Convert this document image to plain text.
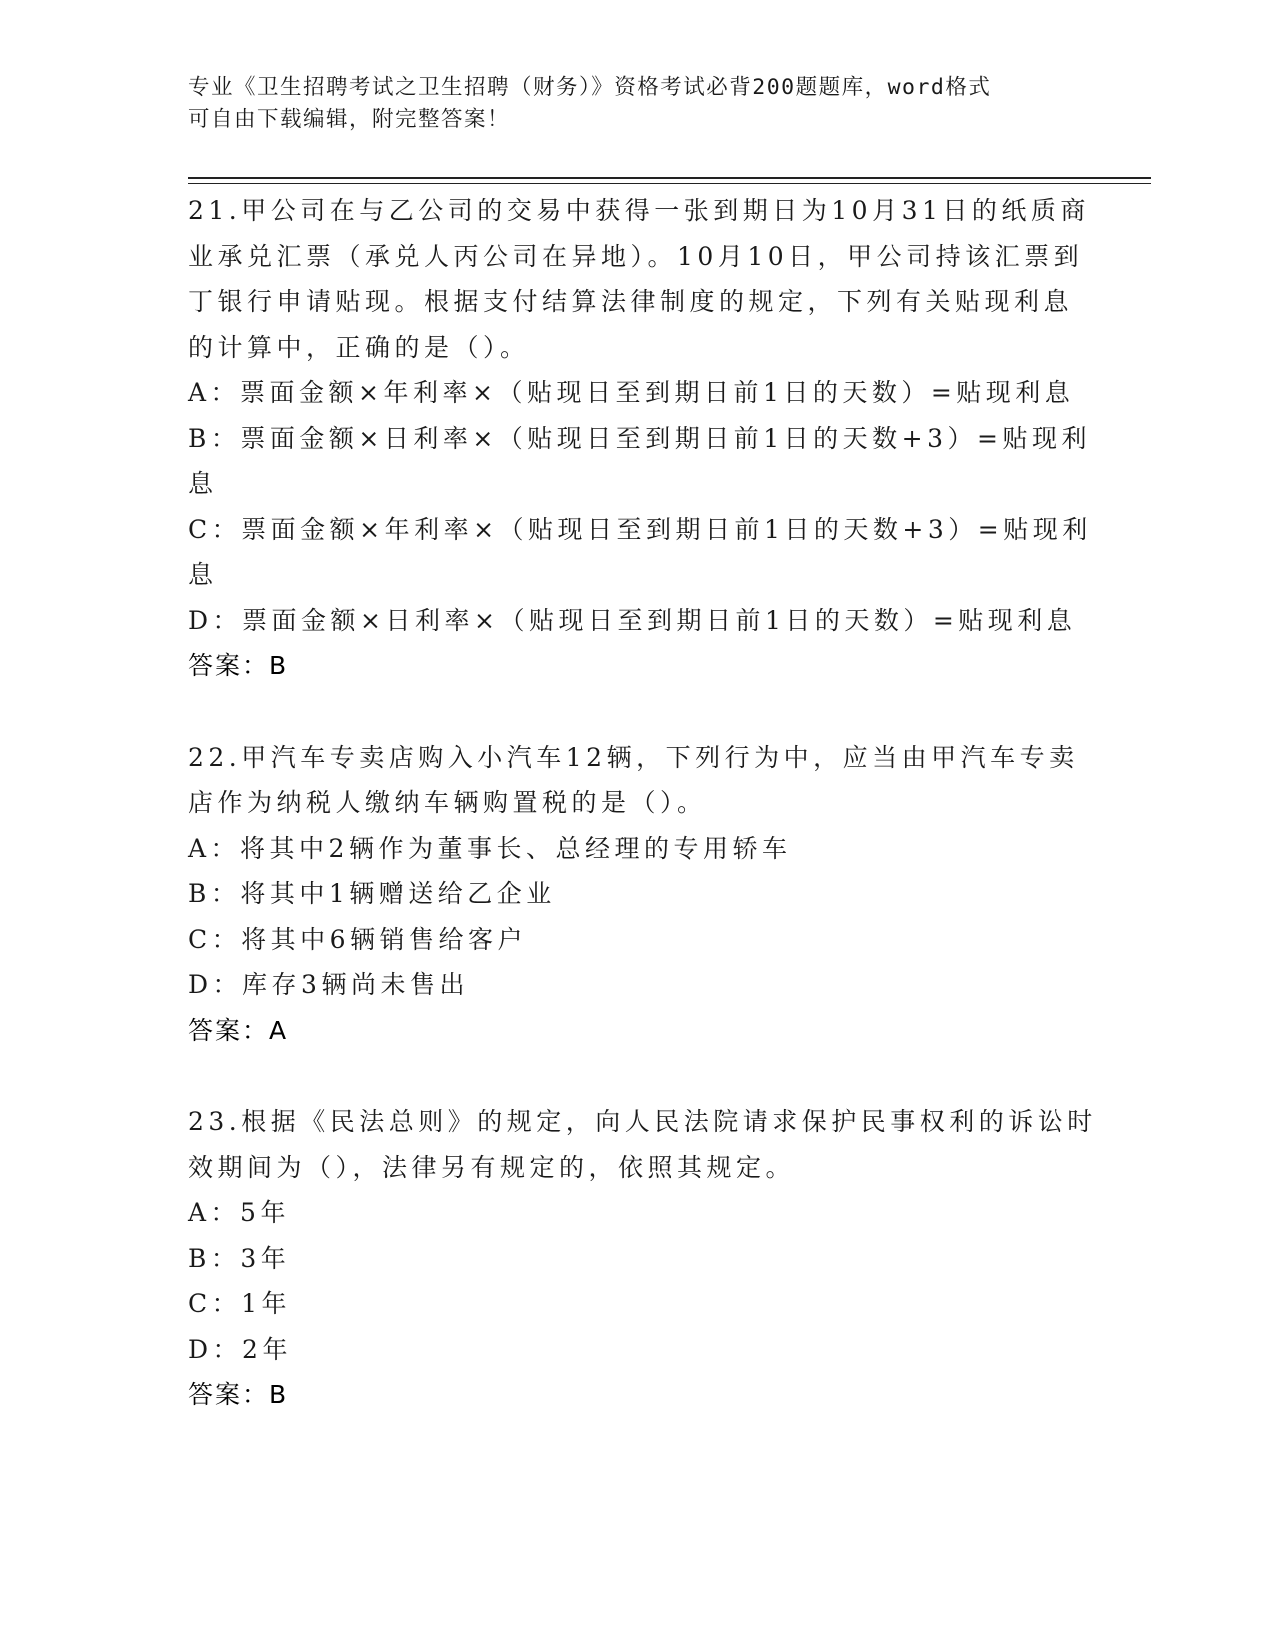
专业《卫生招聘考试之卫生招聘（财务）》资格考试必背200题题库，word格式
可自由下载编辑，附完整答案！
21.甲公司在与乙公司的交易中获得一张到期日为10月31日的纸质商
业承兑汇票（承兑人丙公司在异地）。10月10日，甲公司持该汇票到
丁银行申请贴现。根据支付结算法律制度的规定，下列有关贴现利息
的计算中，正确的是（）。
A：票面金额×年利率×（贴现日至到期日前1日的天数）=贴现利息
B：票面金额×日利率×（贴现日至到期日前1日的天数+3）=贴现利
息
C：票面金额×年利率×（贴现日至到期日前1日的天数+3）=贴现利
息
D：票面金额×日利率×（贴现日至到期日前1日的天数）=贴现利息
答案：B
22.甲汽车专卖店购入小汽车12辆，下列行为中，应当由甲汽车专卖
店作为纳税人缴纳车辆购置税的是（）。
A：将其中2辆作为董事长、总经理的专用轿车
B：将其中1辆赠送给乙企业
C：将其中6辆销售给客户
D：库存3辆尚未售出
答案：A
23.根据《民法总则》的规定，向人民法院请求保护民事权利的诉讼时
效期间为（），法律另有规定的，依照其规定。
A：5年
B：3年
C：1年
D：2年
答案：B
